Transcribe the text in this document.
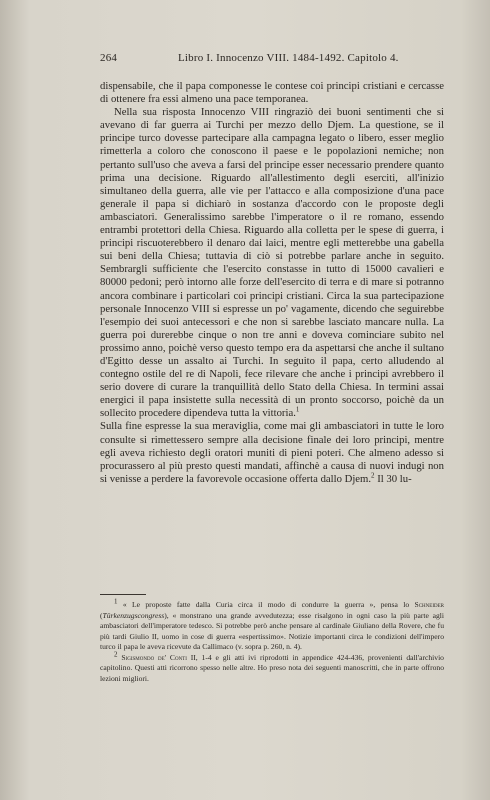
264	Libro I. Innocenzo VIII. 1484-1492. Capitolo 4.

dispensabile, che il papa componesse le contese coi principi cristiani e cercasse di ottenere fra essi almeno una pace temporanea.

Nella sua risposta Innocenzo VIII ringraziò dei buoni sentimenti che si avevano di far guerra ai Turchi per mezzo dello Djem. La questione, se il principe turco dovesse partecipare alla campagna legato o libero, esser meglio rimetterla a coloro che conoscono il paese e le popolazioni nemiche; non pertanto sull'uso che aveva a farsi del principe esser necessario prendere quanto prima una decisione. Riguardo all'allestimento degli eserciti, all'inizio simultaneo della guerra, alle vie per l'attacco e alla composizione d'una pace generale il papa si dichiarò in sostanza d'accordo con le proposte degli ambasciatori. Generalissimo sarebbe l'imperatore o il re romano, essendo entrambi protettori della Chiesa. Riguardo alla colletta per le spese di guerra, i principi riscuoterebbero il denaro dai laici, mentre egli metterebbe una gabella sui beni della Chiesa; tuttavia di ciò si potrebbe parlare anche in seguito. Sembrargli sufficiente che l'esercito constasse in tutto di 15000 cavalieri e 80000 pedoni; però intorno alle forze dell'esercito di terra e di mare si potranno ancora combinare i particolari coi principi cristiani. Circa la sua partecipazione personale Innocenzo VIII si espresse un po' vagamente, dicendo che seguirebbe l'esempio dei suoi antecessori e che non si sarebbe lasciato mancare nulla. La guerra poi durerebbe cinque o non tre anni e doveva cominciare subito nel prossimo anno, poichè verso questo tempo era da aspettarsi che anche il sultano d'Egitto desse un assalto ai Turchi. In seguito il papa, certo alludendo al contegno ostile del re di Napoli, fece rilevare che anche i principi avrebbero il serio dovere di curare la tranquillità dello Stato della Chiesa. In termini assai energici il papa insistette sulla necessità di un pronto soccorso, poichè da un sollecito procedere dipendeva tutta la vittoria.$^1$

Sulla fine espresse la sua meraviglia, come mai gli ambasciatori in tutte le loro consulte si rimettessero sempre alla decisione finale dei loro principi, mentre egli aveva richiesto degli oratori muniti di pieni poteri. Che almeno adesso si procurassero al più presto questi mandati, affinchè a causa di nuovi indugi non si venisse a perdere la favorevole occasione offerta dallo Djem.$^2$ Il 30 lu-

$^1$ « Le proposte fatte dalla Curia circa il modo di condurre la guerra », pensa lo Schneider (Türkenzugscongress), « monstrano una grande avvedutezza; esse risalgono in ogni caso la più parte agli ambasciatori dell'imperatore tedesco. Si potrebbe però anche pensare al cardinale Giuliano della Rovere, che fu più tardi Giulio II, uomo in cose di guerra «espertissimo». Notizie importanti circa le condizioni dell'impero turco il papa le aveva ricevute da Callimaco (v. sopra p. 260, n. 4).

$^2$ Sigismondo de' Conti II, 1-4 e gli atti ivi riprodotti in appendice 424-436, provenienti dall'archivio capitolino. Questi atti ricorrono spesso nelle altre. Ho preso nota dei seguenti manoscritti, che in parte offrono lezioni migliori.
